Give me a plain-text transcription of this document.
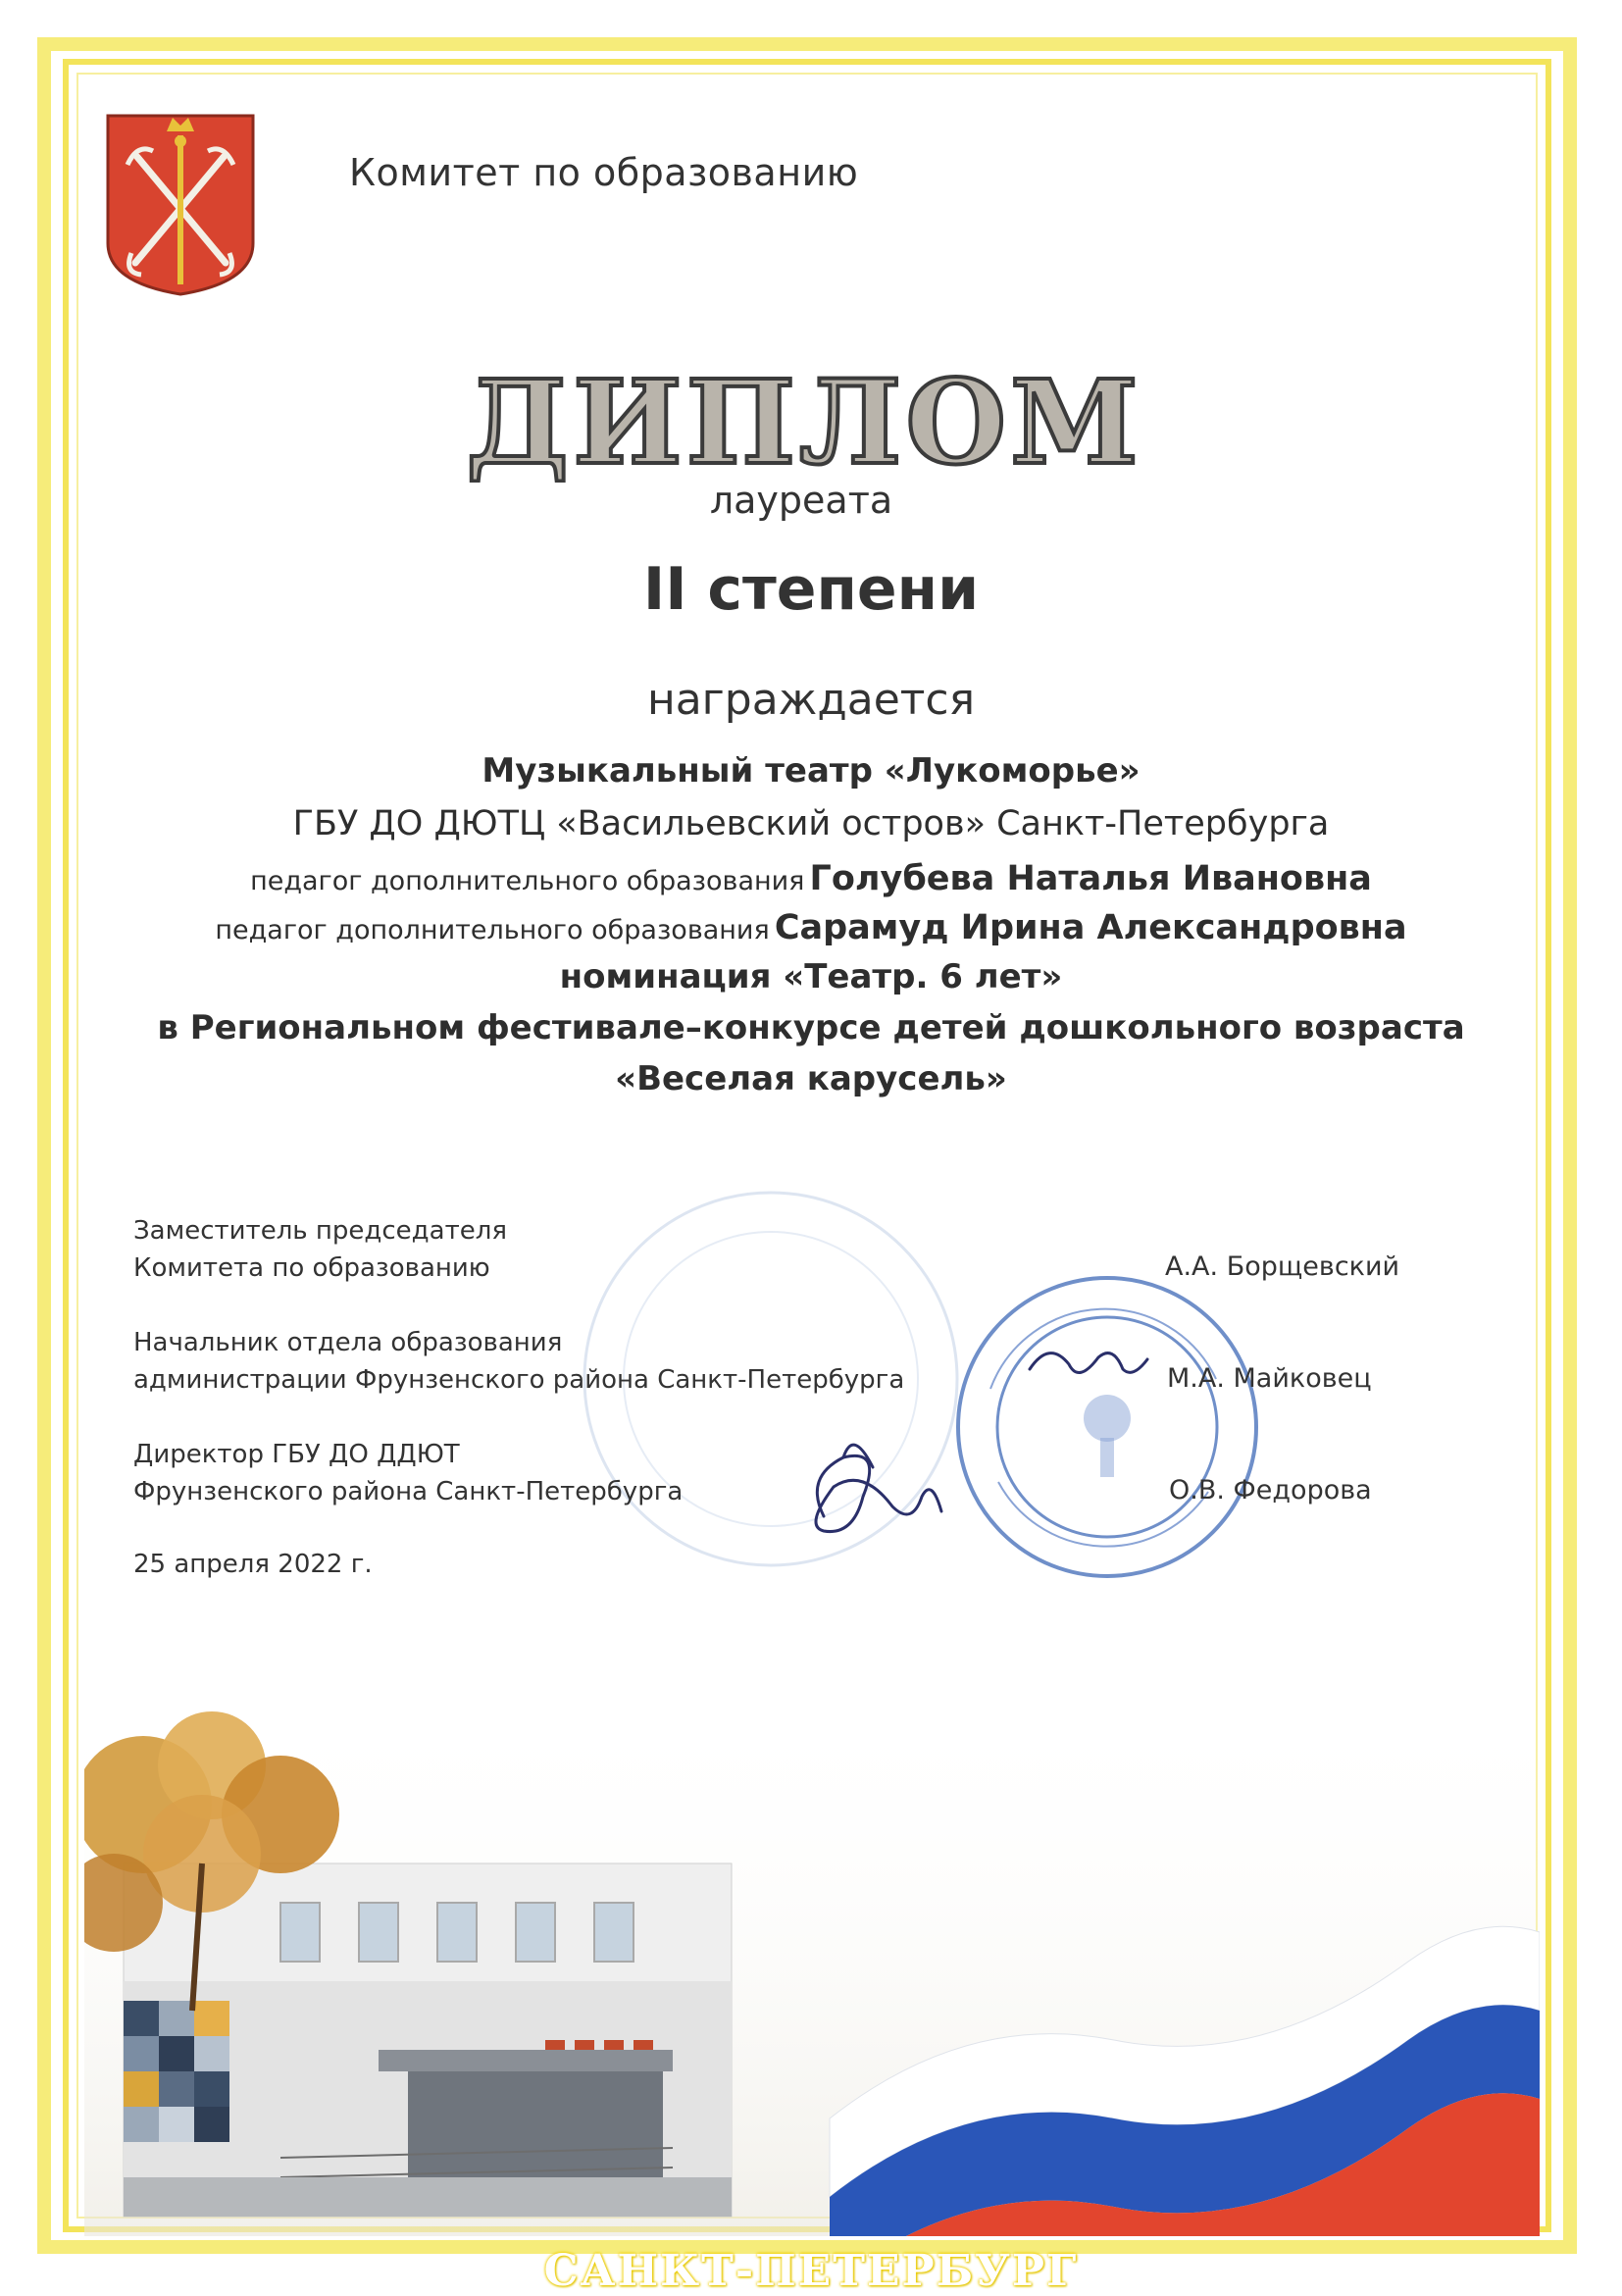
Комитет по образованию
ДИПЛОМ
лауреата
II степени
награждается
Музыкальный театр «Лукоморье»
ГБУ ДО ДЮТЦ «Васильевский остров» Санкт-Петербурга
педагог дополнительного образования Голубева Наталья Ивановна
педагог дополнительного образования Сарамуд Ирина Александровна
номинация «Театр. 6 лет»
в Региональном фестивале–конкурсе детей дошкольного возраста
«Веселая карусель»
Заместитель председателя
Комитета по образованию	А.А. Борщевский
Начальник отдела образования
администрации Фрунзенского района Санкт-Петербурга	М.А. Майковец
Директор ГБУ ДО ДДЮТ
Фрунзенского района Санкт-Петербурга	О.В. Федорова
25 апреля 2022 г.
САНКТ-ПЕТЕРБУРГ
